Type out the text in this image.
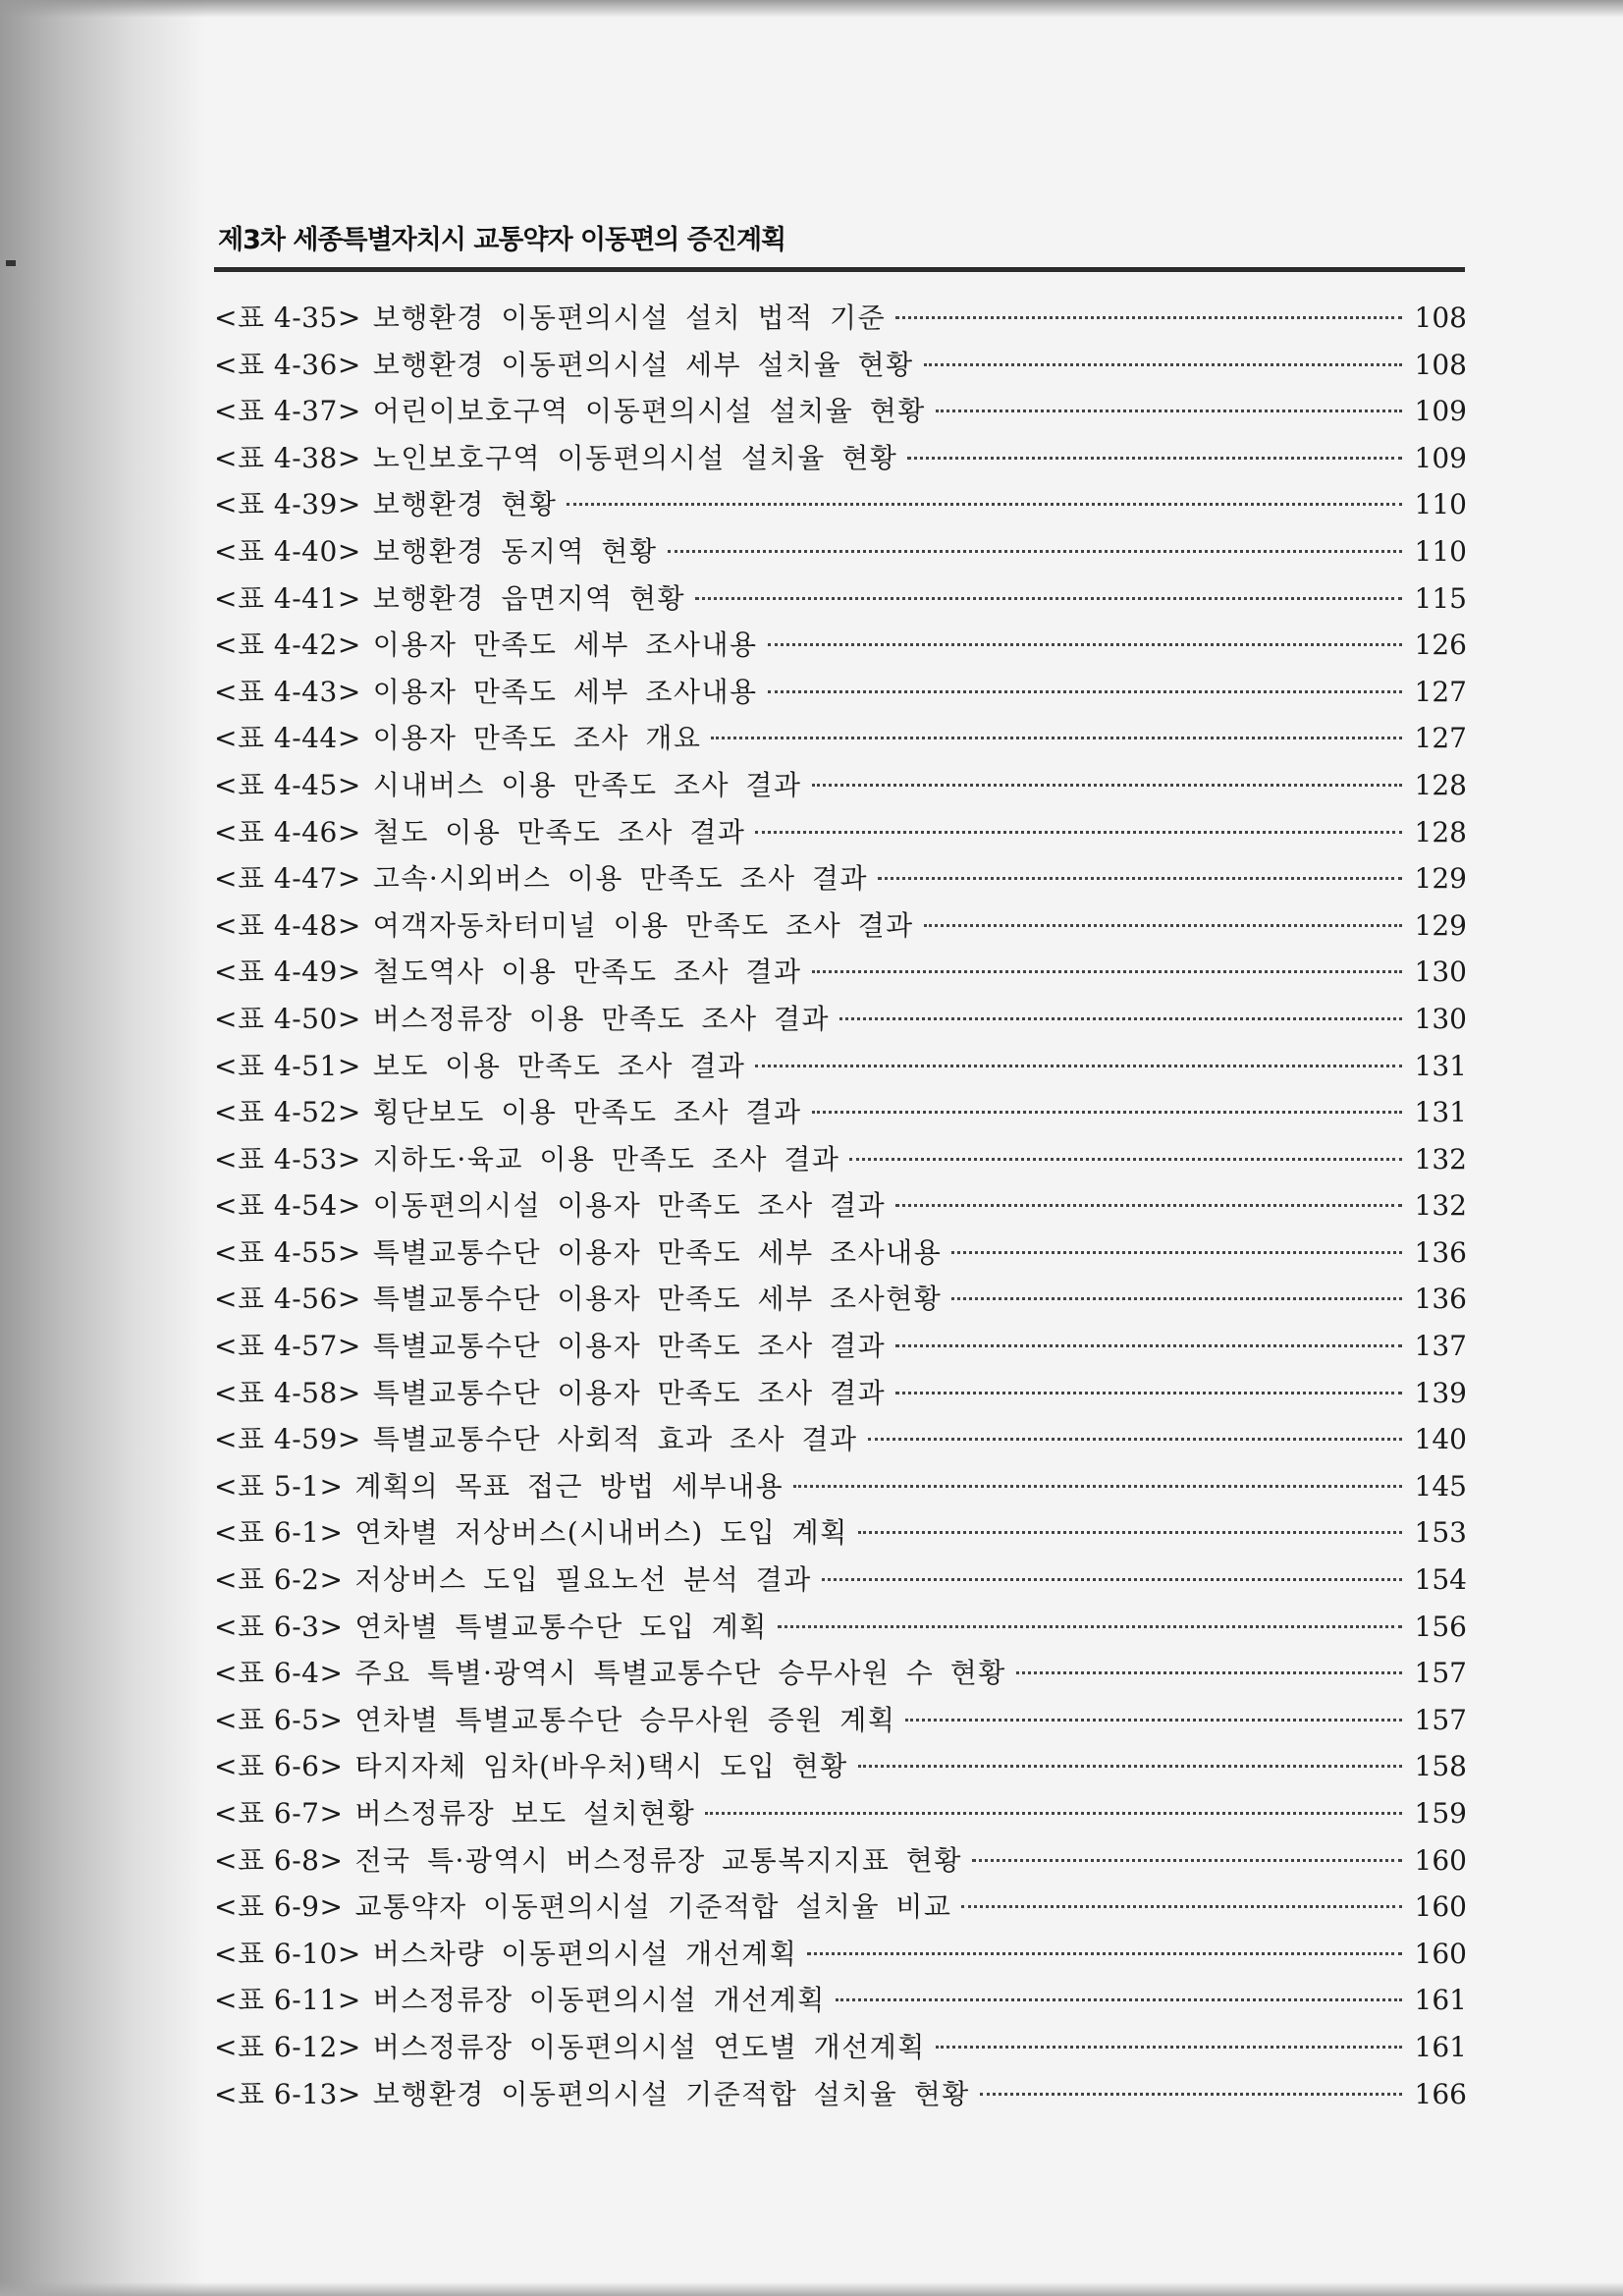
제3차 세종특별자치시 교통약자 이동편의 증진계획
<표 4-35> 보행환경 이동편의시설 설치 법적 기준	108
<표 4-36> 보행환경 이동편의시설 세부 설치율 현황	108
<표 4-37> 어린이보호구역 이동편의시설 설치율 현황	109
<표 4-38> 노인보호구역 이동편의시설 설치율 현황	109
<표 4-39> 보행환경 현황	110
<표 4-40> 보행환경 동지역 현황	110
<표 4-41> 보행환경 읍면지역 현황	115
<표 4-42> 이용자 만족도 세부 조사내용	126
<표 4-43> 이용자 만족도 세부 조사내용	127
<표 4-44> 이용자 만족도 조사 개요	127
<표 4-45> 시내버스 이용 만족도 조사 결과	128
<표 4-46> 철도 이용 만족도 조사 결과	128
<표 4-47> 고속·시외버스 이용 만족도 조사 결과	129
<표 4-48> 여객자동차터미널 이용 만족도 조사 결과	129
<표 4-49> 철도역사 이용 만족도 조사 결과	130
<표 4-50> 버스정류장 이용 만족도 조사 결과	130
<표 4-51> 보도 이용 만족도 조사 결과	131
<표 4-52> 횡단보도 이용 만족도 조사 결과	131
<표 4-53> 지하도·육교 이용 만족도 조사 결과	132
<표 4-54> 이동편의시설 이용자 만족도 조사 결과	132
<표 4-55> 특별교통수단 이용자 만족도 세부 조사내용	136
<표 4-56> 특별교통수단 이용자 만족도 세부 조사현황	136
<표 4-57> 특별교통수단 이용자 만족도 조사 결과	137
<표 4-58> 특별교통수단 이용자 만족도 조사 결과	139
<표 4-59> 특별교통수단 사회적 효과 조사 결과	140
<표 5-1> 계획의 목표 접근 방법 세부내용	145
<표 6-1> 연차별 저상버스(시내버스) 도입 계획	153
<표 6-2> 저상버스 도입 필요노선 분석 결과	154
<표 6-3> 연차별 특별교통수단 도입 계획	156
<표 6-4> 주요 특별·광역시 특별교통수단 승무사원 수 현황	157
<표 6-5> 연차별 특별교통수단 승무사원 증원 계획	157
<표 6-6> 타지자체 임차(바우처)택시 도입 현황	158
<표 6-7> 버스정류장 보도 설치현황	159
<표 6-8> 전국 특·광역시 버스정류장 교통복지지표 현황	160
<표 6-9> 교통약자 이동편의시설 기준적합 설치율 비교	160
<표 6-10> 버스차량 이동편의시설 개선계획	160
<표 6-11> 버스정류장 이동편의시설 개선계획	161
<표 6-12> 버스정류장 이동편의시설 연도별 개선계획	161
<표 6-13> 보행환경 이동편의시설 기준적합 설치율 현황	166
